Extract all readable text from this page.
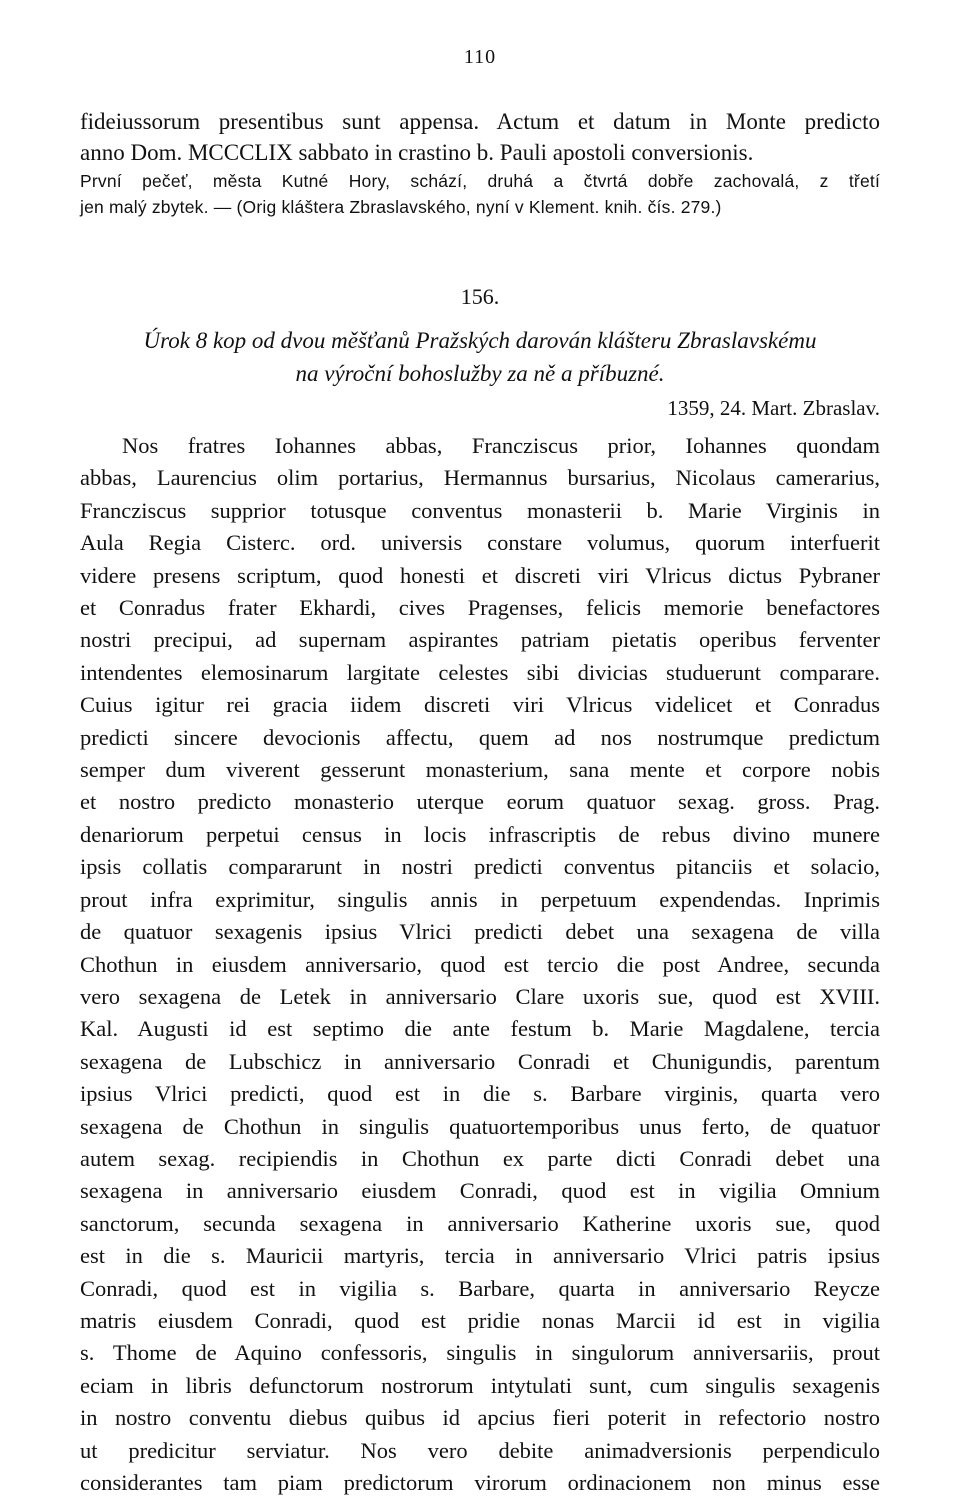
110
fideiussorum presentibus sunt appensa. Actum et datum in Monte predicto
anno Dom. MCCCLIX sabbato in crastino b. Pauli apostoli conversionis.
První pečeť, města Kutné Hory, schází, druhá a čtvrtá dobře zachovalá, z třetí
jen malý zbytek. — (Orig kláštera Zbraslavského, nyní v Klement. knih. čís. 279.)
156.
Úrok 8 kop od dvou měšťanů Pražských darován klášteru Zbraslavskému
na výroční bohoslužby za ně a příbuzné.
1359, 24. Mart. Zbraslav.
Nos fratres Iohannes abbas, Francziscus prior, Iohannes quondam
abbas, Laurencius olim portarius, Hermannus bursarius, Nicolaus camerarius,
Francziscus supprior totusque conventus monasterii b. Marie Virginis in
Aula Regia Cisterc. ord. universis constare volumus, quorum interfuerit
videre presens scriptum, quod honesti et discreti viri Vlricus dictus Pybraner
et Conradus frater Ekhardi, cives Pragenses, felicis memorie benefactores
nostri precipui, ad supernam aspirantes patriam pietatis operibus ferventer
intendentes elemosinarum largitate celestes sibi divicias studuerunt comparare.
Cuius igitur rei gracia iidem discreti viri Vlricus videlicet et Conradus
predicti sincere devocionis affectu, quem ad nos nostrumque predictum
semper dum viverent gesserunt monasterium, sana mente et corpore nobis
et nostro predicto monasterio uterque eorum quatuor sexag. gross. Prag.
denariorum perpetui census in locis infrascriptis de rebus divino munere
ipsis collatis compararunt in nostri predicti conventus pitanciis et solacio,
prout infra exprimitur, singulis annis in perpetuum expendendas. Inprimis
de quatuor sexagenis ipsius Vlrici predicti debet una sexagena de villa
Chothun in eiusdem anniversario, quod est tercio die post Andree, secunda
vero sexagena de Letek in anniversario Clare uxoris sue, quod est XVIII.
Kal. Augusti id est septimo die ante festum b. Marie Magdalene, tercia
sexagena de Lubschicz in anniversario Conradi et Chunigundis, parentum
ipsius Vlrici predicti, quod est in die s. Barbare virginis, quarta vero
sexagena de Chothun in singulis quatuortemporibus unus ferto, de quatuor
autem sexag. recipiendis in Chothun ex parte dicti Conradi debet una
sexagena in anniversario eiusdem Conradi, quod est in vigilia Omnium
sanctorum, secunda sexagena in anniversario Katherine uxoris sue, quod
est in die s. Mauricii martyris, tercia in anniversario Vlrici patris ipsius
Conradi, quod est in vigilia s. Barbare, quarta in anniversario Reycze
matris eiusdem Conradi, quod est pridie nonas Marcii id est in vigilia
s. Thome de Aquino confessoris, singulis in singulorum anniversariis, prout
eciam in libris defunctorum nostrorum intytulati sunt, cum singulis sexagenis
in nostro conventu diebus quibus id apcius fieri poterit in refectorio nostro
ut predicitur serviatur. Nos vero debite animadversionis perpendiculo
considerantes tam piam predictorum virorum ordinacionem non minus esse
